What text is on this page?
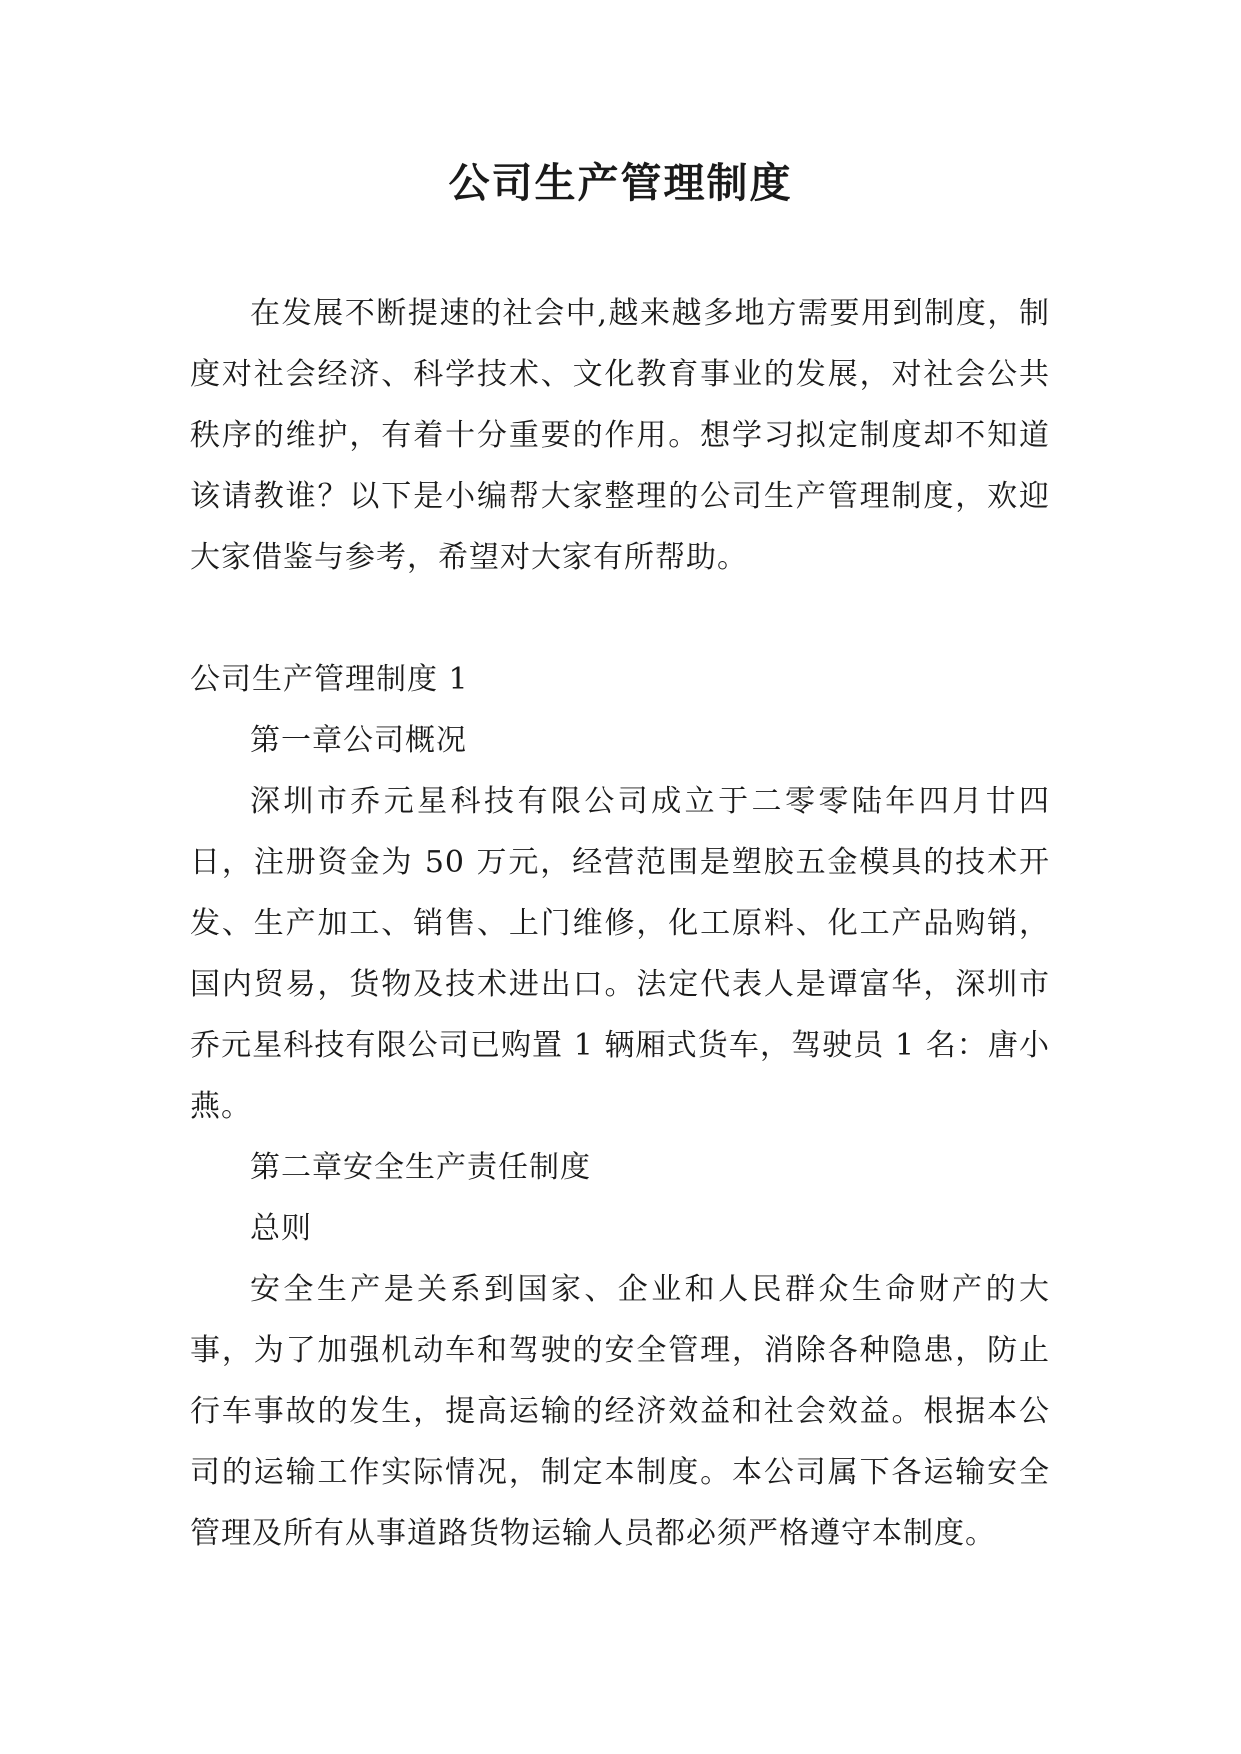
公司生产管理制度

在发展不断提速的社会中,越来越多地方需要用到制度，制度对社会经济、科学技术、文化教育事业的发展，对社会公共秩序的维护，有着十分重要的作用。想学习拟定制度却不知道该请教谁？以下是小编帮大家整理的公司生产管理制度，欢迎大家借鉴与参考，希望对大家有所帮助。

公司生产管理制度 1

第一章公司概况

深圳市乔元星科技有限公司成立于二零零陆年四月廿四日，注册资金为 50 万元，经营范围是塑胶五金模具的技术开发、生产加工、销售、上门维修，化工原料、化工产品购销，国内贸易，货物及技术进出口。法定代表人是谭富华，深圳市乔元星科技有限公司已购置 1 辆厢式货车，驾驶员 1 名：唐小燕。

第二章安全生产责任制度

总则

安全生产是关系到国家、企业和人民群众生命财产的大事，为了加强机动车和驾驶的安全管理，消除各种隐患，防止行车事故的发生，提高运输的经济效益和社会效益。根据本公司的运输工作实际情况，制定本制度。本公司属下各运输安全管理及所有从事道路货物运输人员都必须严格遵守本制度。
